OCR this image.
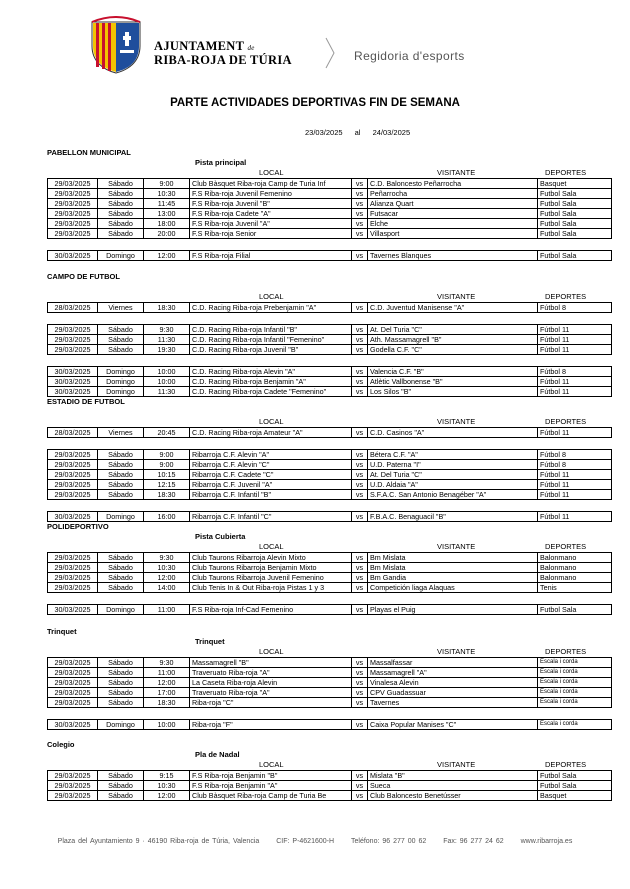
AJUNTAMENT de
RIBA-ROJA DE TÚRIA	Regidoria d'esports
PARTE ACTIVIDADES DEPORTIVAS FIN DE SEMANA
23/03/2025 al 24/03/2025
PABELLON MUNICIPAL
Pista principal
LOCAL	VISITANTE	DEPORTES
29/03/2025	Sábado	9:00	Club Bàsquet Riba-roja Camp de Turia Inf	vs	C.D. Baloncesto Peñarrocha	Basquet
29/03/2025	Sábado	10:30	F.S Riba-roja Juvenil Femenino	vs	Peñarrocha	Futbol Sala
29/03/2025	Sábado	11:45	F.S Riba-roja Juvenil "B"	vs	Alianza Quart	Futbol Sala
29/03/2025	Sábado	13:00	F.S Riba-roja Cadete "A"	vs	Futsacar	Futbol Sala
29/03/2025	Sábado	18:00	F.S Riba-roja Juvenil "A"	vs	Elche	Futbol Sala
29/03/2025	Sábado	20:00	F.S Riba-roja Senior	vs	Villasport	Futbol Sala
30/03/2025	Domingo	12:00	F.S Riba-roja Filial	vs	Tavernes Blanques	Futbol Sala
CAMPO DE FUTBOL
LOCAL	VISITANTE	DEPORTES
28/03/2025	Viernes	18:30	C.D. Racing Riba-roja Prebenjamin "A"	vs	C.D. Juventud Manisense "A"	Fútbol 8
29/03/2025	Sábado	9:30	C.D. Racing Riba-roja Infantil "B"	vs	At. Del Turia "C"	Fútbol 11
29/03/2025	Sábado	11:30	C.D. Racing Riba-roja Infantil "Femenino"	vs	Ath. Massamagrell "B"	Fútbol 11
29/03/2025	Sábado	19:30	C.D. Racing Riba-roja Juvenil "B"	vs	Godella C.F. "C"	Fútbol 11
30/03/2025	Domingo	10:00	C.D. Racing Riba-roja Alevin "A"	vs	Valencia C.F. "B"	Fútbol 8
30/03/2025	Domingo	10:00	C.D. Racing Riba-roja Benjamin "A"	vs	Atlètic Vallbonense "B"	Fútbol 11
30/03/2025	Domingo	11:30	C.D. Racing Riba-roja Cadete "Femenino"	vs	Los Silos "B"	Fútbol 11
ESTADIO DE FUTBOL
LOCAL	VISITANTE	DEPORTES
28/03/2025	Viernes	20:45	C.D. Racing Riba-roja Amateur "A"	vs	C.D. Casinos "A"	Fútbol 11
29/03/2025	Sábado	9:00	Ribarroja C.F. Alevin "A"	vs	Bétera C.F. "A"	Fútbol 8
29/03/2025	Sábado	9:00	Ribarroja C.F. Alevin "C"	vs	U.D. Paterna "I"	Fútbol 8
29/03/2025	Sábado	10:15	Ribarroja C.F. Cadete "C"	vs	At. Del Turia "C"	Fútbol 11
29/03/2025	Sábado	12:15	Ribarroja C.F. Juvenil "A"	vs	U.D. Aldaia "A"	Fútbol 11
29/03/2025	Sábado	18:30	Ribarroja C.F. Infantil "B"	vs	S.F.A.C. San Antonio Benagéber "A"	Fútbol 11
30/03/2025	Domingo	16:00	Ribarroja C.F. Infantil "C"	vs	F.B.A.C. Benaguacil "B"	Fútbol 11
POLIDEPORTIVO
Pista Cubierta
LOCAL	VISITANTE	DEPORTES
29/03/2025	Sábado	9:30	Club Taurons Ribarroja Alevin Mixto	vs	Bm Mislata	Balonmano
29/03/2025	Sábado	10:30	Club Taurons Ribarroja Benjamin Mixto	vs	Bm Mislata	Balonmano
29/03/2025	Sábado	12:00	Club Taurons Ribarroja Juvenil Femenino	vs	Bm Gandia	Balonmano
29/03/2025	Sábado	14:00	Club Tenis In & Out Riba-roja Pistas 1 y 3	vs	Competición liaga Alaquas	Tenis
30/03/2025	Domingo	11:00	F.S Riba-roja Inf-Cad Femenino	vs	Playas el Puig	Futbol Sala
Trinquet
Trinquet
LOCAL	VISITANTE	DEPORTES
29/03/2025	Sábado	9:30	Massamagrell "B"	vs	Massalfassar	Escala i corda
29/03/2025	Sábado	11:00	Traveruato Riba-roja "A"	vs	Massamagrell "A"	Escala i corda
29/03/2025	Sábado	12:00	La Caseta Riba-roja Alevin	vs	Vinalesa Alevin	Escala i corda
29/03/2025	Sábado	17:00	Traveruato Riba-roja "A"	vs	CPV Guadassuar	Escala i corda
29/03/2025	Sábado	18:30	Riba-roja "C"	vs	Tavernes	Escala i corda
30/03/2025	Domingo	10:00	Riba-roja "F"	vs	Caixa Popular Manises "C"	Escala i corda
Colegio
Pla de Nadal
LOCAL	VISITANTE	DEPORTES
29/03/2025	Sábado	9:15	F.S Riba-roja Benjamin "B"	vs	Mislata "B"	Futbol Sala
29/03/2025	Sábado	10:30	F.S Riba-roja Benjamin "A"	vs	Sueca	Futbol Sala
29/03/2025	Sábado	12:00	Club Bàsquet Riba-roja Camp de Turia Be	vs	Club Baloncesto Benetússer	Basquet
Plaza del Ayuntamiento 9 · 46190 Riba-roja de Túria, Valencia CIF: P-4621600-H Teléfono: 96 277 00 62 Fax: 96 277 24 62 www.ribarroja.es
